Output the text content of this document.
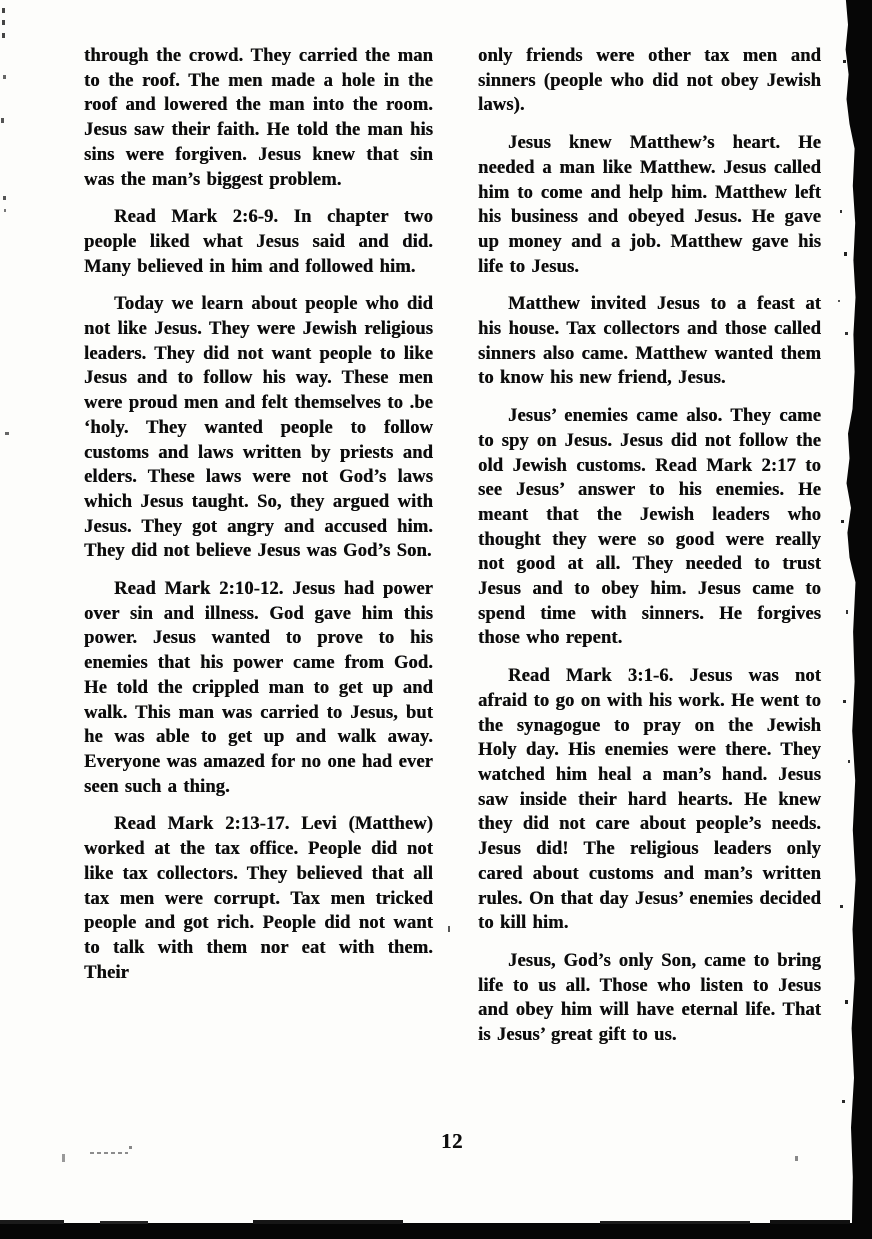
through the crowd. They carried the man to the roof. The men made a hole in the roof and lowered the man into the room. Jesus saw their faith. He told the man his sins were forgiven. Jesus knew that sin was the man’s biggest problem.

Read Mark 2:6-9. In chapter two people liked what Jesus said and did. Many believed in him and followed him.

Today we learn about people who did not like Jesus. They were Jewish religious leaders. They did not want people to like Jesus and to follow his way. These men were proud men and felt themselves to .be ‘holy. They wanted people to follow customs and laws written by priests and elders. These laws were not God’s laws which Jesus taught. So, they argued with Jesus. They got angry and accused him. They did not believe Jesus was God’s Son.

Read Mark 2:10-12. Jesus had power over sin and illness. God gave him this power. Jesus wanted to prove to his enemies that his power came from God. He told the crippled man to get up and walk. This man was carried to Jesus, but he was able to get up and walk away. Everyone was amazed for no one had ever seen such a thing.

Read Mark 2:13-17. Levi (Matthew) worked at the tax office. People did not like tax collectors. They believed that all tax men were corrupt. Tax men tricked people and got rich. People did not want to talk with them nor eat with them. Their

only friends were other tax men and sinners (people who did not obey Jewish laws).

Jesus knew Matthew’s heart. He needed a man like Matthew. Jesus called him to come and help him. Matthew left his business and obeyed Jesus. He gave up money and a job. Matthew gave his life to Jesus.

Matthew invited Jesus to a feast at his house. Tax collectors and those called sinners also came. Matthew wanted them to know his new friend, Jesus.

Jesus’ enemies came also. They came to spy on Jesus. Jesus did not follow the old Jewish customs. Read Mark 2:17 to see Jesus’ answer to his enemies. He meant that the Jewish leaders who thought they were so good were really not good at all. They needed to trust Jesus and to obey him. Jesus came to spend time with sinners. He forgives those who repent.

Read Mark 3:1-6. Jesus was not afraid to go on with his work. He went to the synagogue to pray on the Jewish Holy day. His enemies were there. They watched him heal a man’s hand. Jesus saw inside their hard hearts. He knew they did not care about people’s needs. Jesus did! The religious leaders only cared about customs and man’s written rules. On that day Jesus’ enemies decided to kill him.

Jesus, God’s only Son, came to bring life to us all. Those who listen to Jesus and obey him will have eternal life. That is Jesus’ great gift to us.

12
